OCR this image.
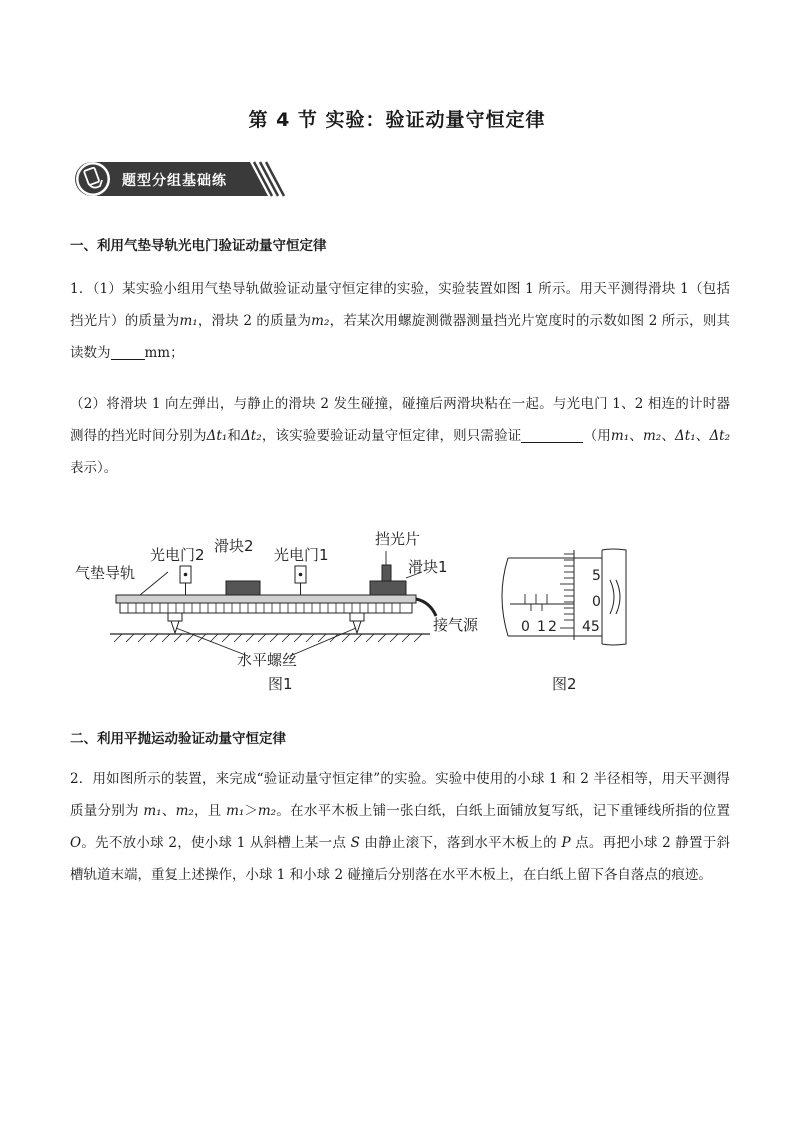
第 4 节 实验：验证动量守恒定律
题型分组基础练
一、利用气垫导轨光电门验证动量守恒定律
1．（1）某实验小组用气垫导轨做验证动量守恒定律的实验，实验装置如图 1 所示。用天平测得滑块 1（包括挡光片）的质量为m₁，滑块 2 的质量为m₂，若某次用螺旋测微器测量挡光片宽度时的示数如图 2 所示，则其读数为	mm；
（2）将滑块 1 向左弹出，与静止的滑块 2 发生碰撞，碰撞后两滑块粘在一起。与光电门 1、2 相连的计时器测得的挡光时间分别为Δt₁和Δt₂，该实验要验证动量守恒定律，则只需验证	（用m₁、m₂、Δt₁、Δt₂表示）。
气垫导轨
光电门2 滑块2 光电门1
挡光片
滑块1
接气源
水平螺丝
图1
0 1 2
5
0
45
图2
二、利用平抛运动验证动量守恒定律
2．用如图所示的装置，来完成“验证动量守恒定律”的实验。实验中使用的小球 1 和 2 半径相等，用天平测得质量分别为 m₁、m₂，且 m₁＞m₂。在水平木板上铺一张白纸，白纸上面铺放复写纸，记下重锤线所指的位置 O。先不放小球 2，使小球 1 从斜槽上某一点 S 由静止滚下，落到水平木板上的 P 点。再把小球 2 静置于斜槽轨道末端，重复上述操作，小球 1 和小球 2 碰撞后分别落在水平木板上，在白纸上留下各自落点的痕迹。
